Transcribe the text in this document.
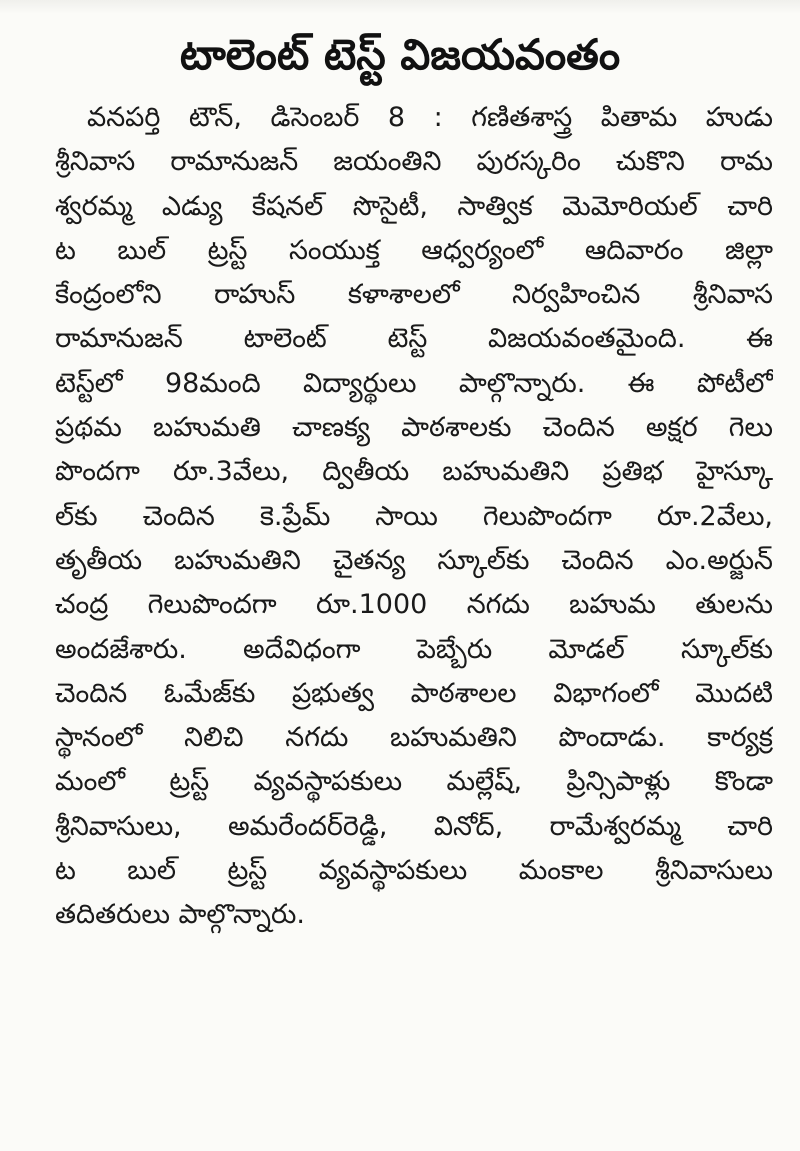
టాలెంట్ టెస్ట్ విజయవంతం
వనపర్తి టౌన్, డిసెంబర్ 8 : గణితశాస్త్ర పితామ హుడు
శ్రీనివాస రామానుజన్ జయంతిని పురస్కరిం చుకొని రామ
శ్వరమ్మ ఎడ్యు కేషనల్ సొసైటీ, సాత్విక మెమోరియల్ చారి
ట బుల్ ట్రస్ట్ సంయుక్త ఆధ్వర్యంలో ఆదివారం జిల్లా
కేంద్రంలోని రాహుస్ కళాశాలలో నిర్వహించిన శ్రీనివాస
రామానుజన్ టాలెంట్ టెస్ట్ విజయవంతమైంది. ఈ
టెస్ట్‌లో 98మంది విద్యార్థులు పాల్గొన్నారు. ఈ పోటీలో
ప్రథమ బహుమతి చాణక్య పాఠశాలకు చెందిన అక్షర గెలు
పొందగా రూ.3వేలు, ద్వితీయ బహుమతిని ప్రతిభ హైస్కూ
ల్‌కు చెందిన కె.ప్రేమ్ సాయి గెలుపొందగా రూ.2వేలు,
తృతీయ బహుమతిని చైతన్య స్కూల్‌కు చెందిన ఎం.అర్జున్
చంద్ర గెలుపొందగా రూ.1000 నగదు బహుమ తులను
అందజేశారు. అదేవిధంగా పెబ్బేరు మోడల్ స్కూల్‌కు
చెందిన ఓమేజ్‌కు ప్రభుత్వ పాఠశాలల విభాగంలో మొదటి
స్థానంలో నిలిచి నగదు బహుమతిని పొందాడు. కార్యక్ర
మంలో ట్రస్ట్ వ్యవస్థాపకులు మల్లేష్, ప్రిన్సిపాళ్లు కొండా
శ్రీనివాసులు, అమరేందర్‌రెడ్డి, వినోద్, రామేశ్వరమ్మ చారి
ట బుల్ ట్రస్ట్ వ్యవస్థాపకులు మంకాల శ్రీనివాసులు
తదితరులు పాల్గొన్నారు.
